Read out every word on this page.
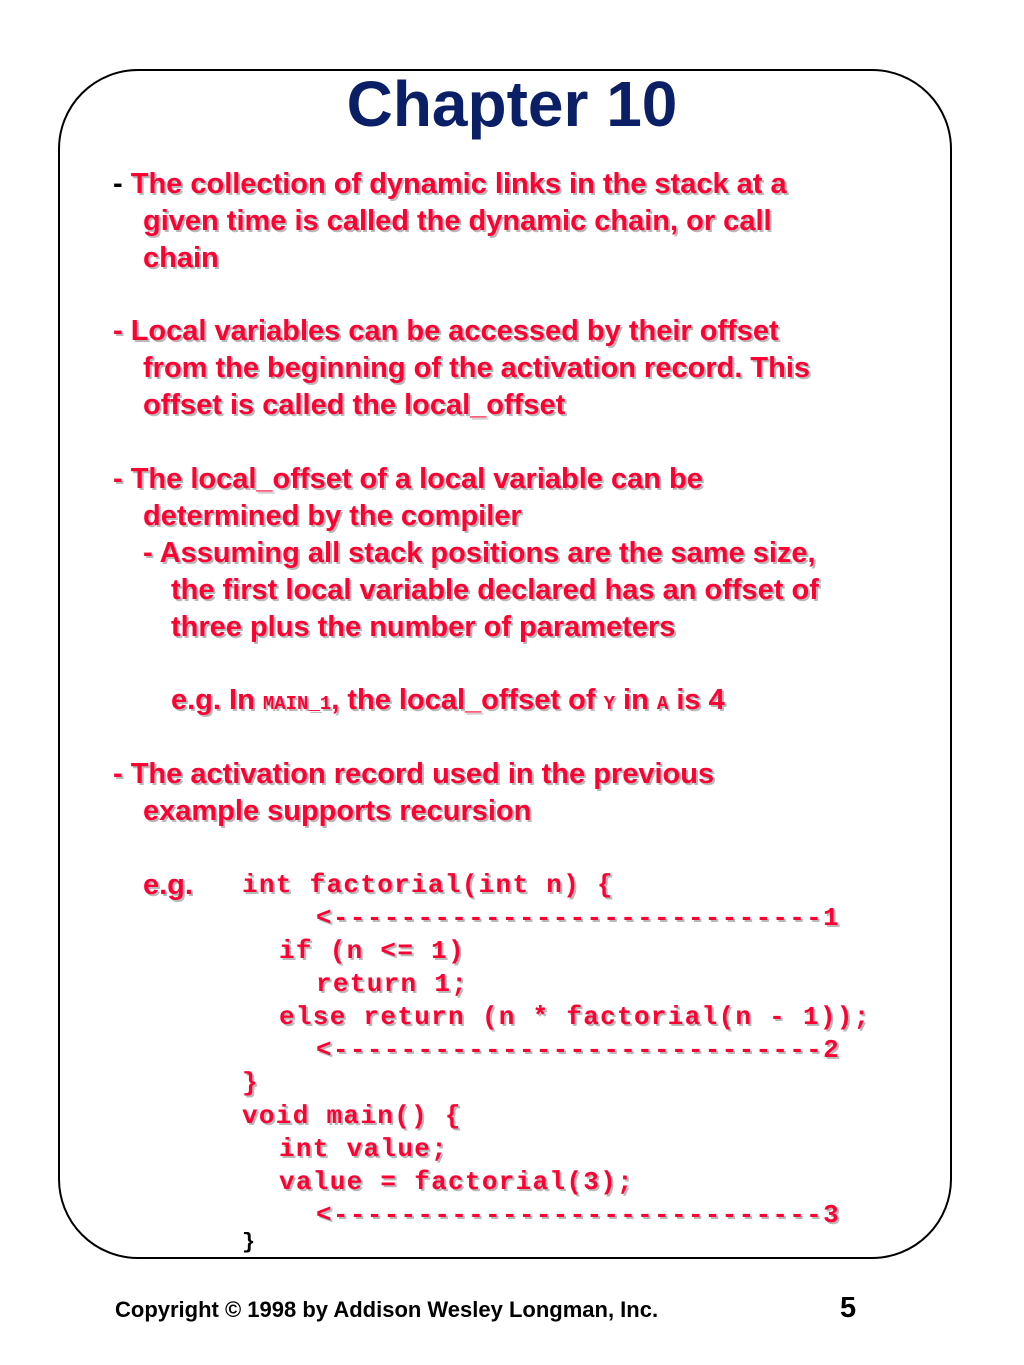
Chapter 10
- The collection of dynamic links in the stack at a
given time is called the dynamic chain, or call
chain
- Local variables can be accessed by their offset
from the beginning of the activation record. This
offset is called the local_offset
- The local_offset of a local variable can be
determined by the compiler
- Assuming all stack positions are the same size,
the first local variable declared has an offset of
three plus the number of parameters
e.g. In MAIN_1, the local_offset of Y in A is 4
- The activation record used in the previous
example supports recursion
e.g. int factorial(int n) {
<-----------------------------1
if (n <= 1)
return 1;
else return (n * factorial(n - 1));
<-----------------------------2
}
void main() {
int value;
value = factorial(3);
<-----------------------------3
}
Copyright © 1998 by Addison Wesley Longman, Inc.	5
